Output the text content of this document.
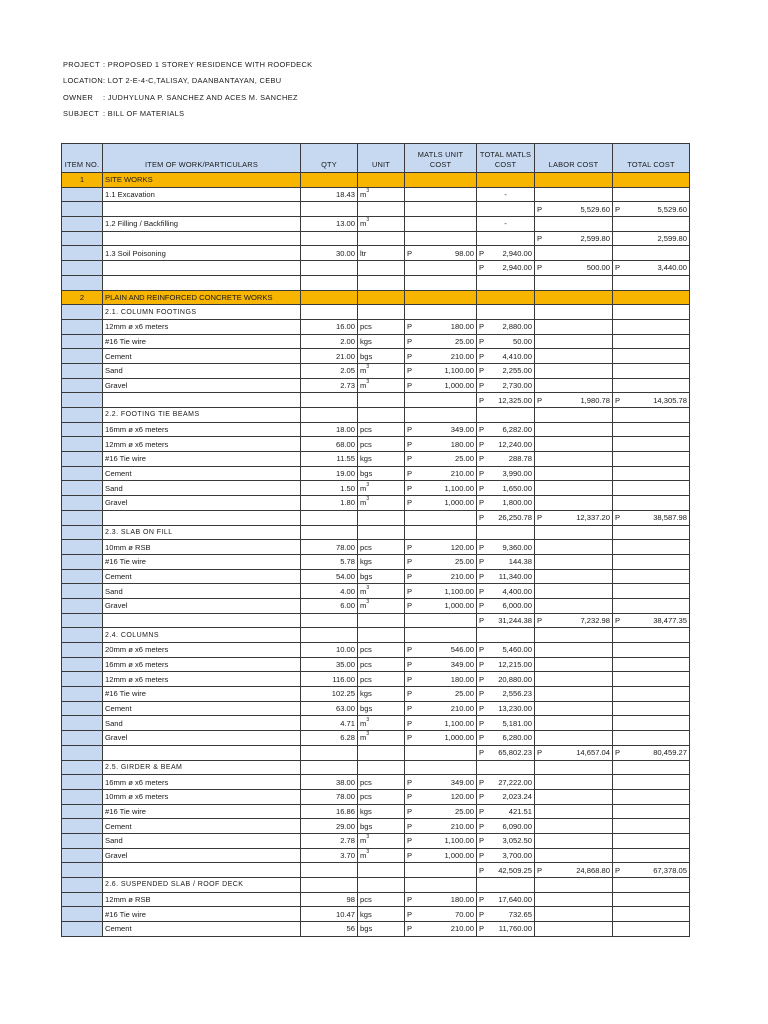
PROJECT : PROPOSED 1 STOREY RESIDENCE WITH ROOFDECK
LOCATION: LOT 2-E-4-C,TALISAY, DAANBANTAYAN, CEBU
OWNER : JUDHYLUNA P. SANCHEZ AND ACES M. SANCHEZ
SUBJECT : BILL OF MATERIALS
ITEM NO.	ITEM OF WORK/PARTICULARS	QTY	UNIT	MATLS UNIT COST	TOTAL MATLS COST	LABOR COST	TOTAL COST
1	SITE WORKS						
	1.1 Excavation	18.43	$m^3$		-		

						P 5,529.60	P 5,529.60
	1.2 Filling / Backfilling	13.00	$m^3$		-		

						P 2,599.80	2,599.80
	1.3 Soil Poisoning	30.00	ltr	P 98.00	P 2,940.00		

					P 2,940.00	P 500.00	P 3,440.00

2	PLAIN AND REINFORCED CONCRETE WORKS						
	2.1. COLUMN FOOTINGS						
	12mm ø x6 meters	16.00	pcs	P 180.00	P 2,880.00		
	#16 Tie wire	2.00	kgs	P 25.00	P 50.00		
	Cement	21.00	bgs	P 210.00	P 4,410.00		
	Sand	2.05	$m^3$	P 1,100.00	P 2,255.00		
	Gravel	2.73	$m^3$	P 1,000.00	P 2,730.00		

					P 12,325.00	P 1,980.78	P 14,305.78
	2.2. FOOTING TIE BEAMS						
	16mm ø x6 meters	18.00	pcs	P 349.00	P 6,282.00		
	12mm ø x6 meters	68.00	pcs	P 180.00	P 12,240.00		
	#16 Tie wire	11.55	kgs	P 25.00	P 288.78		
	Cement	19.00	bgs	P 210.00	P 3,990.00		
	Sand	1.50	$m^3$	P 1,100.00	P 1,650.00		
	Gravel	1.80	$m^3$	P 1,000.00	P 1,800.00		

					P 26,250.78	P 12,337.20	P 38,587.98
	2.3. SLAB ON FILL						
	10mm ø RSB	78.00	pcs	P 120.00	P 9,360.00		
	#16 Tie wire	5.78	kgs	P 25.00	P 144.38		
	Cement	54.00	bgs	P 210.00	P 11,340.00		
	Sand	4.00	$m^3$	P 1,100.00	P 4,400.00		
	Gravel	6.00	$m^3$	P 1,000.00	P 6,000.00		

					P 31,244.38	P 7,232.98	P 38,477.35
	2.4. COLUMNS						
	20mm ø x6 meters	10.00	pcs	P 546.00	P 5,460.00		
	16mm ø x6 meters	35.00	pcs	P 349.00	P 12,215.00		
	12mm ø x6 meters	116.00	pcs	P 180.00	P 20,880.00		
	#16 Tie wire	102.25	kgs	P 25.00	P 2,556.23		
	Cement	63.00	bgs	P 210.00	P 13,230.00		
	Sand	4.71	$m^3$	P 1,100.00	P 5,181.00		
	Gravel	6.28	$m^3$	P 1,000.00	P 6,280.00		

					P 65,802.23	P 14,657.04	P 80,459.27
	2.5. GIRDER & BEAM						
	16mm ø x6 meters	38.00	pcs	P 349.00	P 27,222.00		
	10mm ø x6 meters	78.00	pcs	P 120.00	P 2,023.24		
	#16 Tie wire	16.86	kgs	P 25.00	P 421.51		
	Cement	29.00	bgs	P 210.00	P 6,090.00		
	Sand	2.78	$m^3$	P 1,100.00	P 3,052.50		
	Gravel	3.70	$m^3$	P 1,000.00	P 3,700.00		

					P 42,509.25	P 24,868.80	P 67,378.05
	2.6. SUSPENDED SLAB / ROOF DECK						
	12mm ø RSB	98	pcs	P 180.00	P 17,640.00		
	#16 Tie wire	10.47	kgs	P 70.00	P 732.65		
	Cement	56	bgs	P 210.00	P 11,760.00		
